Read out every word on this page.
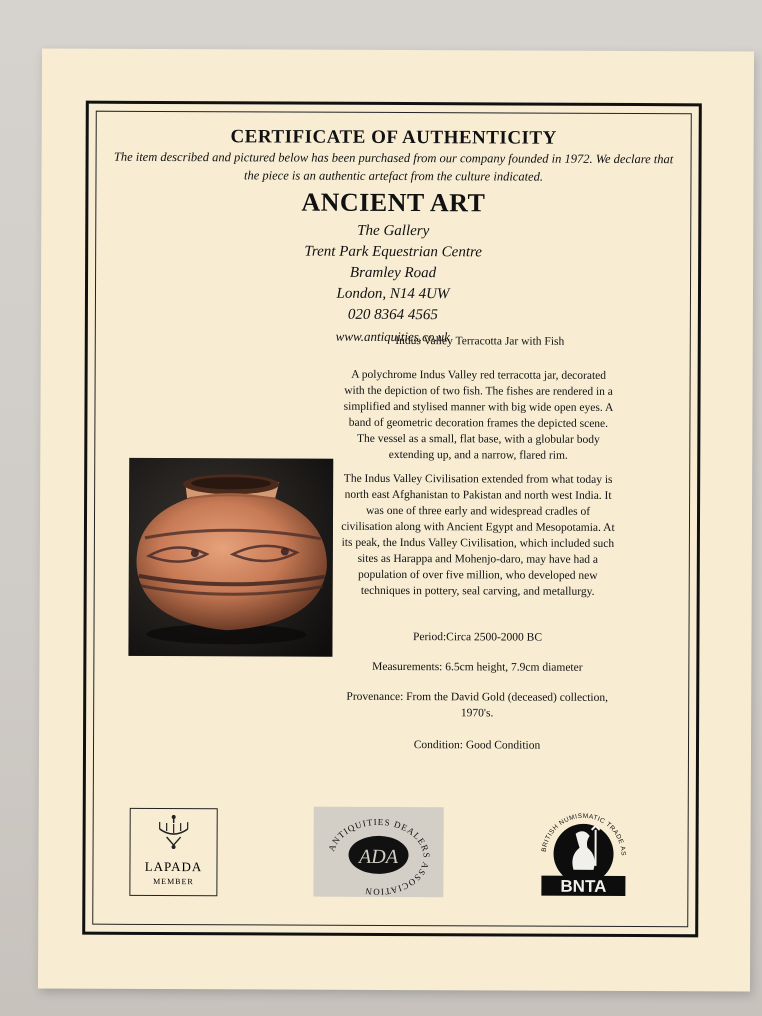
CERTIFICATE OF AUTHENTICITY
The item described and pictured below has been purchased from our company founded in 1972. We declare that the piece is an authentic artefact from the culture indicated.
ANCIENT ART
The Gallery
Trent Park Equestrian Centre
Bramley Road
London, N14 4UW
020 8364 4565
www.antiquities.co.uk
Indus Valley Terracotta Jar with Fish
A polychrome Indus Valley red terracotta jar, decorated with the depiction of two fish. The fishes are rendered in a simplified and stylised manner with big wide open eyes. A band of geometric decoration frames the depicted scene. The vessel as a small, flat base, with a globular body extending up, and a narrow, flared rim.
The Indus Valley Civilisation extended from what today is north east Afghanistan to Pakistan and north west India. It was one of three early and widespread cradles of civilisation along with Ancient Egypt and Mesopotamia. At its peak, the Indus Valley Civilisation, which included such sites as Harappa and Mohenjo-daro, may have had a population of over five million, who developed new techniques in pottery, seal carving, and metallurgy.
Period:Circa 2500-2000 BC
Measurements: 6.5cm height, 7.9cm diameter
Provenance: From the David Gold (deceased) collection, 1970's.
Condition: Good Condition
LAPADA
MEMBER
ADA
ANTIQUITIES DEALERS ASSOCIATION
BRITISH NUMISMATIC TRADE ASSOCIATION
BNTA
